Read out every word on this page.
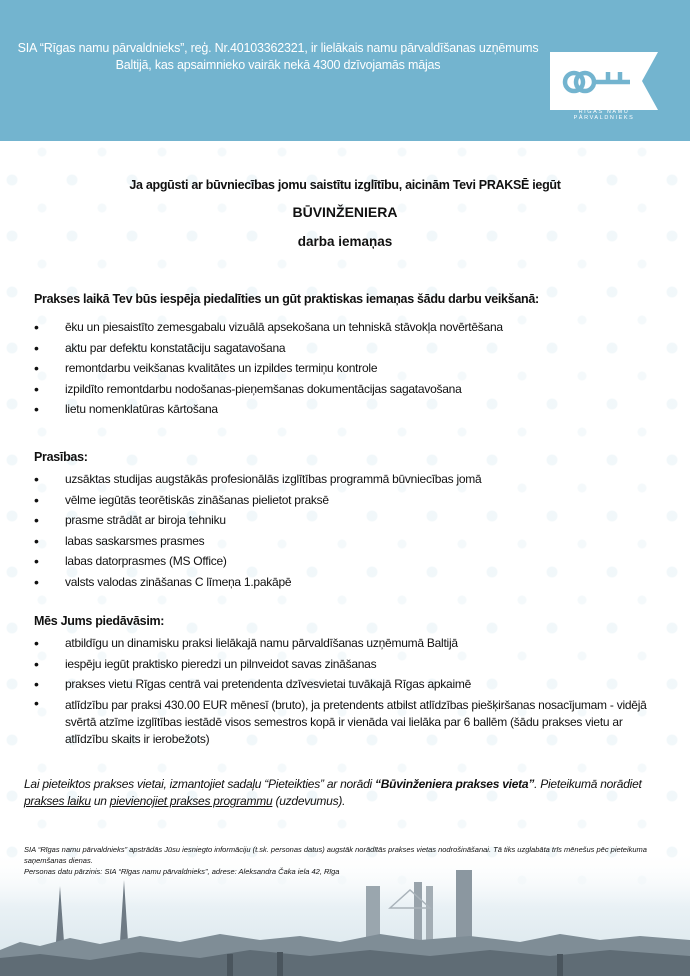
SIA “Rīgas namu pārvaldnieks”, reģ. Nr.40103362321, ir lielākais namu pārvaldīšanas uzņēmums Baltijā, kas apsaimnieko vairāk nekā 4300 dzīvojamās mājas
RĪGAS NAMU PĀRVALDNIEKS
Ja apgūsti ar būvniecības jomu saistītu izglītību, aicinām Tevi PRAKSĒ iegūt
BŪVINŽENIERA
darba iemaņas
Prakses laikā Tev būs iespēja piedalīties un gūt praktiskas iemaņas šādu darbu veikšanā:
• ēku un piesaistīto zemesgabalu vizuālā apsekošana un tehniskā stāvokļa novērtēšana
• aktu par defektu konstatāciju sagatavošana
• remontdarbu veikšanas kvalitātes un izpildes termiņu kontrole
• izpildīto remontdarbu nodošanas-pieņemšanas dokumentācijas sagatavošana
• lietu nomenklatūras kārtošana
Prasības:
• uzsāktas studijas augstākās profesionālās izglītības programmā būvniecības jomā
• vēlme iegūtās teorētiskās zināšanas pielietot praksē
• prasme strādāt ar biroja tehniku
• labas saskarsmes prasmes
• labas datorprasmes (MS Office)
• valsts valodas zināšanas C līmeņa 1.pakāpē
Mēs Jums piedāvāsim:
• atbildīgu un dinamisku praksi lielākajā namu pārvaldīšanas uzņēmumā Baltijā
• iespēju iegūt praktisko pieredzi un pilnveidot savas zināšanas
• prakses vietu Rīgas centrā vai pretendenta dzīvesvietai tuvākajā Rīgas apkaimē
• atlīdzību par praksi 430.00 EUR mēnesī (bruto), ja pretendents atbilst atlīdzības piešķiršanas nosacījumam - vidējā svērtā atzīme izglītības iestādē visos semestros kopā ir vienāda vai lielāka par 6 ballēm (šādu prakses vietu ar atlīdzību skaits ir ierobežots)
Lai pieteiktos prakses vietai, izmantojiet sadaļu “Pieteikties” ar norādi “Būvinženiera prakses vieta”. Pieteikumā norādiet prakses laiku un pievienojiet prakses programmu (uzdevumus).
SIA “Rīgas namu pārvaldnieks” apstrādās Jūsu iesniegto informāciju (t.sk. personas datus) augstāk norādītās prakses vietas nodrošināšanai. Tā tiks uzglabāta trīs mēnešus pēc pieteikuma saņemšanas dienas.
Personas datu pārzinis: SIA “Rīgas namu pārvaldnieks”, adrese: Aleksandra Čaka iela 42, Rīga
